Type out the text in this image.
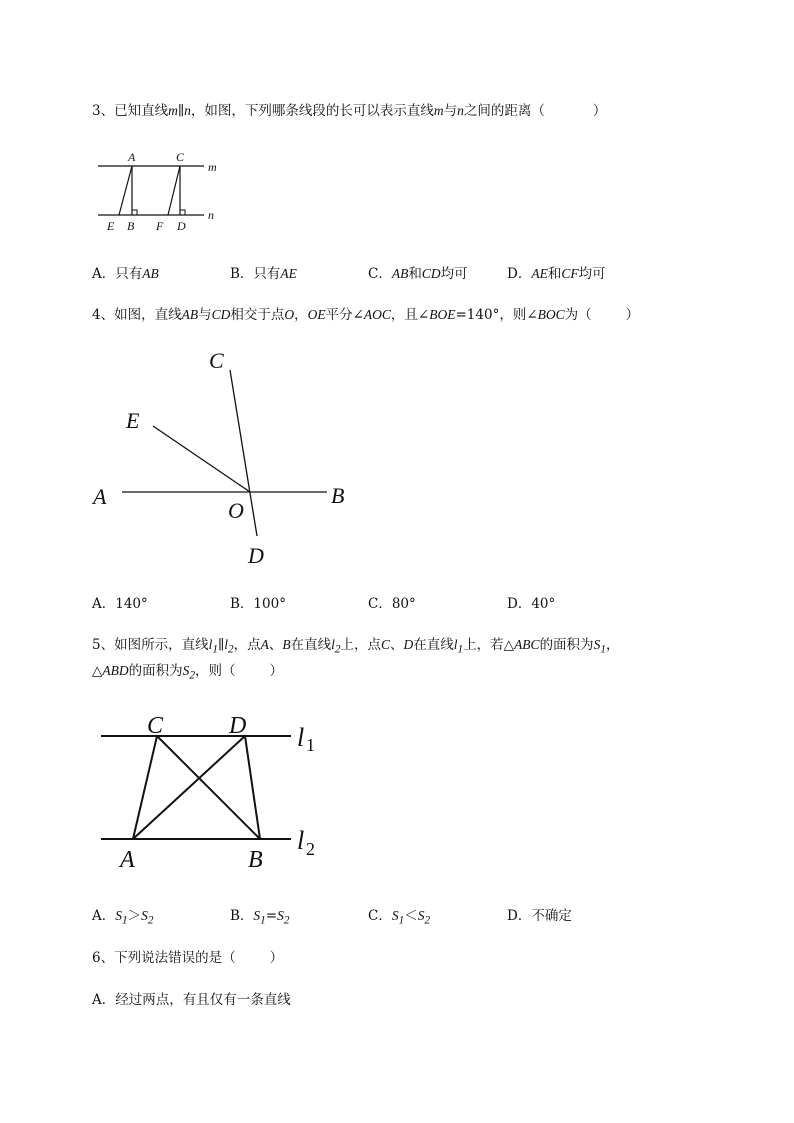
3、已知直线m∥n，如图，下列哪条线段的长可以表示直线m与n之间的距离（	）
A	C
m
n
E B F D
A．只有AB	B．只有AE	C．AB和CD均可	D．AE和CF均可
4、如图，直线AB与CD相交于点O，OE平分∠AOC，且∠BOE=140°，则∠BOC为（	）
C
E
A	B
O
D
A．140°	B．100°	C．80°	D．40°
5、如图所示，直线$l_1\parallel l_2$，点A、B在直线$l_2$上，点C、D在直线$l_1$上，若△ABC的面积为$S_1$，
△ABD的面积为$S_2$，则（	）
C	D l 1
A	B
l 2
A．$S_1>S_2$	B．$S_1=S_2$	C．$S_1<S_2$	D．不确定
6、下列说法错误的是（	）
A．经过两点，有且仅有一条直线
